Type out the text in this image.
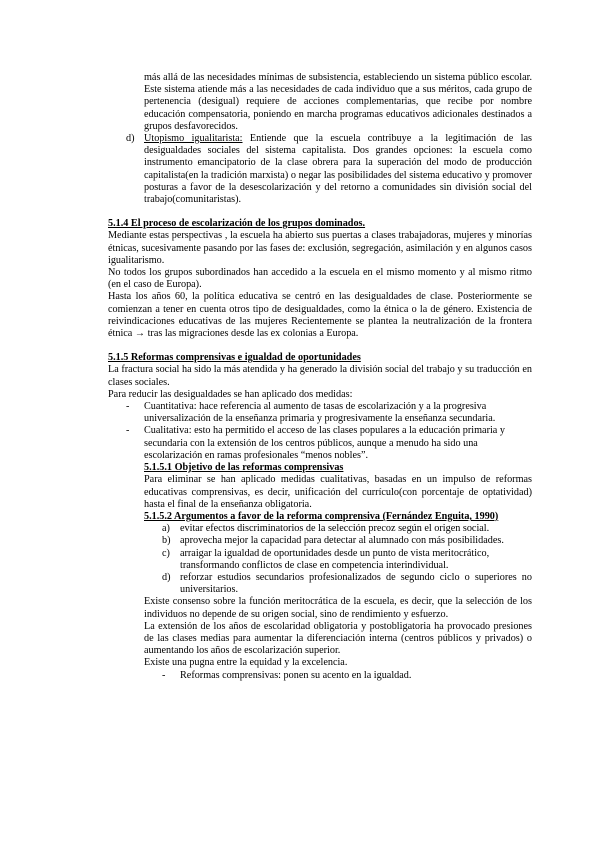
más allá de las necesidades mínimas de subsistencia, estableciendo un sistema público escolar. Este sistema atiende más a las necesidades de cada individuo que a sus méritos, cada grupo de pertenencia (desigual) requiere de acciones complementarias, que recibe por nombre educación compensatoria, poniendo en marcha programas educativos adicionales destinados a grupos desfavorecidos.

d) Utopismo igualitarista: Entiende que la escuela contribuye a la legitimación de las desigualdades sociales del sistema capitalista. Dos grandes opciones: la escuela como instrumento emancipatorio de la clase obrera para la superación del modo de producción capitalista(en la tradición marxista) o negar las posibilidades del sistema educativo y promover posturas a favor de la desescolarización y del retorno a comunidades sin división social del trabajo(comunitaristas).

5.1.4 El proceso de escolarización de los grupos dominados.

Mediante estas perspectivas , la escuela ha abierto sus puertas a clases trabajadoras, mujeres y minorías étnicas, sucesivamente pasando por las fases de: exclusión, segregación, asimilación y en algunos casos igualitarismo.

No todos los grupos subordinados han accedido a la escuela en el mismo momento y al mismo ritmo (en el caso de Europa).

Hasta los años 60, la política educativa se centró en las desigualdades de clase. Posteriormente se comienzan a tener en cuenta otros tipo de desigualdades, como la étnica o la de género. Existencia de reivindicaciones educativas de las mujeres Recientemente se plantea la neutralización de la frontera étnica → tras las migraciones desde las ex colonias a Europa.

5.1.5 Reformas comprensivas e igualdad de oportunidades

La fractura social ha sido la más atendida y ha generado la división social del trabajo y su traducción en clases sociales.

Para reducir las desigualdades se han aplicado dos medidas:

- Cuantitativa: hace referencia al aumento de tasas de escolarización y a la progresiva universalización de la enseñanza primaria y progresivamente la enseñanza secundaria.

- Cualitativa: esto ha permitido el acceso de las clases populares a la educación primaria y secundaria con la extensión de los centros públicos, aunque a menudo ha sido una escolarización en ramas profesionales “menos nobles”.

5.1.5.1 Objetivo de las reformas comprensivas

Para eliminar se han aplicado medidas cualitativas, basadas en un impulso de reformas educativas comprensivas, es decir, unificación del currículo(con porcentaje de optatividad) hasta el final de la enseñanza obligatoria.

5.1.5.2 Argumentos a favor de la reforma comprensiva (Fernández Enguita, 1990)

a) evitar efectos discriminatorios de la selección precoz según el origen social.

b) aprovecha mejor la capacidad para detectar al alumnado con más posibilidades.

c) arraigar la igualdad de oportunidades desde un punto de vista meritocrático, transformando conflictos de clase en competencia interindividual.

d) reforzar estudios secundarios profesionalizados de segundo ciclo o superiores no universitarios.

Existe consenso sobre la función meritocrática de la escuela, es decir, que la selección de los individuos no depende de su origen social, sino de rendimiento y esfuerzo.

La extensión de los años de escolaridad obligatoria y postobligatoria ha provocado presiones de las clases medias para aumentar la diferenciación interna (centros públicos y privados) o aumentando los años de escolarización superior.

Existe una pugna entre la equidad y la excelencia.

- Reformas comprensivas: ponen su acento en la igualdad.
